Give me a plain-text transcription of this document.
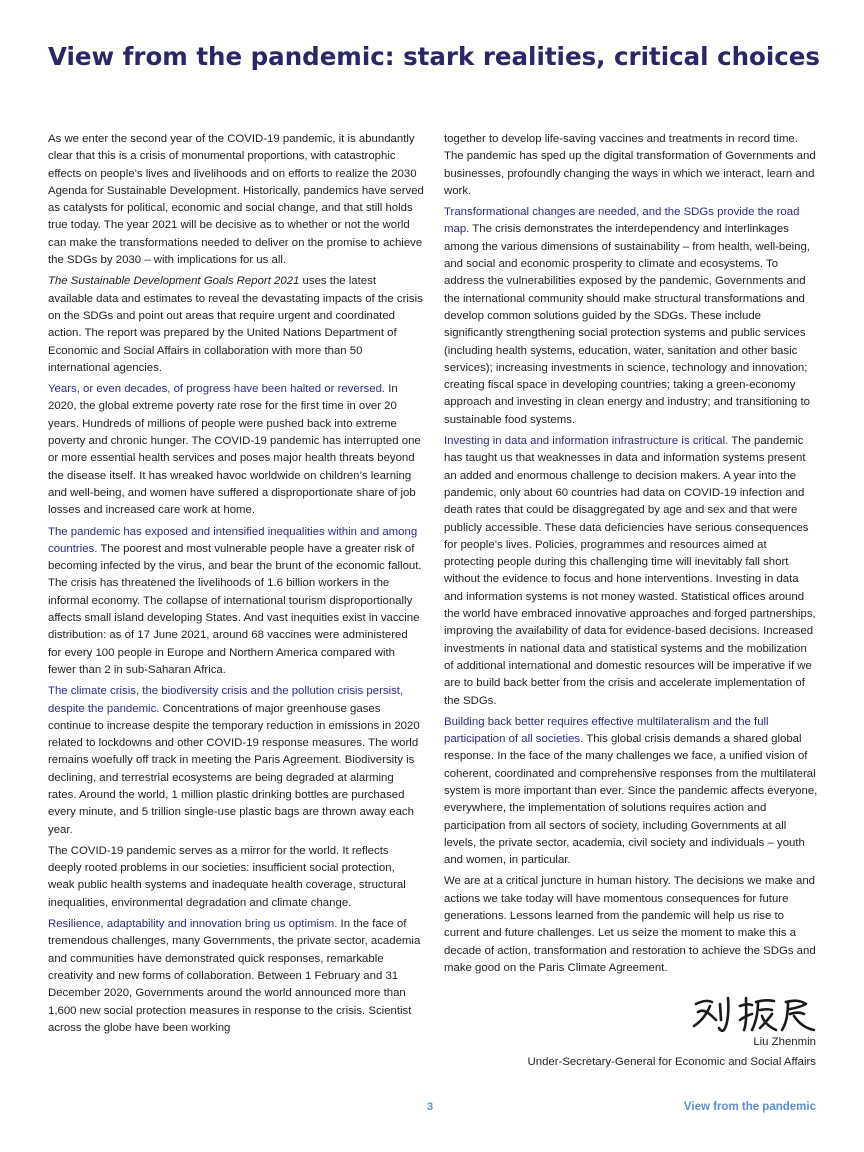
View from the pandemic: stark realities, critical choices

As we enter the second year of the COVID-19 pandemic, it is abundantly clear that this is a crisis of monumental proportions, with catastrophic effects on people’s lives and livelihoods and on efforts to realize the 2030 Agenda for Sustainable Development. Historically, pandemics have served as catalysts for political, economic and social change, and that still holds true today. The year 2021 will be decisive as to whether or not the world can make the transformations needed to deliver on the promise to achieve the SDGs by 2030 – with implications for us all.

The Sustainable Development Goals Report 2021 uses the latest available data and estimates to reveal the devastating impacts of the crisis on the SDGs and point out areas that require urgent and coordinated action. The report was prepared by the United Nations Department of Economic and Social Affairs in collaboration with more than 50 international agencies.

Years, or even decades, of progress have been halted or reversed. In 2020, the global extreme poverty rate rose for the first time in over 20 years. Hundreds of millions of people were pushed back into extreme poverty and chronic hunger. The COVID-19 pandemic has interrupted one or more essential health services and poses major health threats beyond the disease itself. It has wreaked havoc worldwide on children’s learning and well-being, and women have suffered a disproportionate share of job losses and increased care work at home.

The pandemic has exposed and intensified inequalities within and among countries. The poorest and most vulnerable people have a greater risk of becoming infected by the virus, and bear the brunt of the economic fallout. The crisis has threatened the livelihoods of 1.6 billion workers in the informal economy. The collapse of international tourism disproportionally affects small island developing States. And vast inequities exist in vaccine distribution: as of 17 June 2021, around 68 vaccines were administered for every 100 people in Europe and Northern America compared with fewer than 2 in sub-Saharan Africa.

The climate crisis, the biodiversity crisis and the pollution crisis persist, despite the pandemic. Concentrations of major greenhouse gases continue to increase despite the temporary reduction in emissions in 2020 related to lockdowns and other COVID-19 response measures. The world remains woefully off track in meeting the Paris Agreement. Biodiversity is declining, and terrestrial ecosystems are being degraded at alarming rates. Around the world, 1 million plastic drinking bottles are purchased every minute, and 5 trillion single-use plastic bags are thrown away each year.

The COVID-19 pandemic serves as a mirror for the world. It reflects deeply rooted problems in our societies: insufficient social protection, weak public health systems and inadequate health coverage, structural inequalities, environmental degradation and climate change.

Resilience, adaptability and innovation bring us optimism. In the face of tremendous challenges, many Governments, the private sector, academia and communities have demonstrated quick responses, remarkable creativity and new forms of collaboration. Between 1 February and 31 December 2020, Governments around the world announced more than 1,600 new social protection measures in response to the crisis. Scientist across the globe have been working

together to develop life-saving vaccines and treatments in record time. The pandemic has sped up the digital transformation of Governments and businesses, profoundly changing the ways in which we interact, learn and work.

Transformational changes are needed, and the SDGs provide the road map. The crisis demonstrates the interdependency and interlinkages among the various dimensions of sustainability – from health, well-being, and social and economic prosperity to climate and ecosystems. To address the vulnerabilities exposed by the pandemic, Governments and the international community should make structural transformations and develop common solutions guided by the SDGs. These include significantly strengthening social protection systems and public services (including health systems, education, water, sanitation and other basic services); increasing investments in science, technology and innovation; creating fiscal space in developing countries; taking a green-economy approach and investing in clean energy and industry; and transitioning to sustainable food systems.

Investing in data and information infrastructure is critical. The pandemic has taught us that weaknesses in data and information systems present an added and enormous challenge to decision makers. A year into the pandemic, only about 60 countries had data on COVID-19 infection and death rates that could be disaggregated by age and sex and that were publicly accessible. These data deficiencies have serious consequences for people’s lives. Policies, programmes and resources aimed at protecting people during this challenging time will inevitably fall short without the evidence to focus and hone interventions. Investing in data and information systems is not money wasted. Statistical offices around the world have embraced innovative approaches and forged partnerships, improving the availability of data for evidence-based decisions. Increased investments in national data and statistical systems and the mobilization of additional international and domestic resources will be imperative if we are to build back better from the crisis and accelerate implementation of the SDGs.

Building back better requires effective multilateralism and the full participation of all societies. This global crisis demands a shared global response. In the face of the many challenges we face, a unified vision of coherent, coordinated and comprehensive responses from the multilateral system is more important than ever. Since the pandemic affects everyone, everywhere, the implementation of solutions requires action and participation from all sectors of society, including Governments at all levels, the private sector, academia, civil society and individuals – youth and women, in particular.

We are at a critical juncture in human history. The decisions we make and actions we take today will have momentous consequences for future generations. Lessons learned from the pandemic will help us rise to current and future challenges. Let us seize the moment to make this a decade of action, transformation and restoration to achieve the SDGs and make good on the Paris Climate Agreement.

Liu Zhenmin
Under-Secretary-General for Economic and Social Affairs
3	View from the pandemic
